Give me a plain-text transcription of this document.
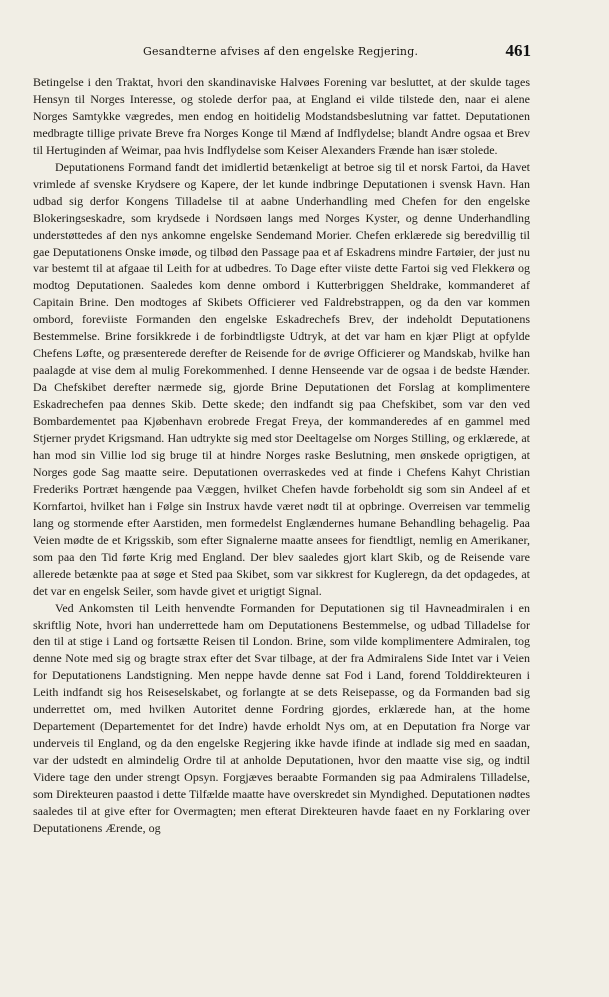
Gesandterne afvises af den engelske Regjering.	461

Betingelse i den Traktat, hvori den skandinaviske Halvøes Forening var besluttet, at der skulde tages Hensyn til Norges Interesse, og stolede derfor paa, at England ei vilde tilstede den, naar ei alene Norges Samtykke vægredes, men endog en hoitidelig Modstandsbeslutning var fattet. Deputationen medbragte tillige private Breve fra Norges Konge til Mænd af Indflydelse; blandt Andre ogsaa et Brev til Hertuginden af Weimar, paa hvis Indflydelse som Keiser Alexanders Frænde han især stolede.

Deputationens Formand fandt det imidlertid betænkeligt at betroe sig til et norsk Fartoi, da Havet vrimlede af svenske Krydsere og Kapere, der let kunde indbringe Deputationen i svensk Havn. Han udbad sig derfor Kongens Tilladelse til at aabne Underhandling med Chefen for den engelske Blokeringseskadre, som krydsede i Nordsøen langs med Norges Kyster, og denne Underhandling understøttedes af den nys ankomne engelske Sendemand Morier. Chefen erklærede sig beredvillig til gae Deputationens Onske imøde, og tilbød den Passage paa et af Eskadrens mindre Fartøier, der just nu var bestemt til at afgaae til Leith for at udbedres. To Dage efter viiste dette Fartoi sig ved Flekkerø og modtog Deputationen. Saaledes kom denne ombord i Kutterbriggen Sheldrake, kommanderet af Capitain Brine. Den modtoges af Skibets Officierer ved Faldrebstrappen, og da den var kommen ombord, foreviiste Formanden den engelske Eskadrechefs Brev, der indeholdt Deputationens Bestemmelse. Brine forsikkrede i de forbindtligste Udtryk, at det var ham en kjær Pligt at opfylde Chefens Løfte, og præsenterede derefter de Reisende for de øvrige Officierer og Mandskab, hvilke han paalagde at vise dem al mulig Forekommenhed. I denne Henseende var de ogsaa i de bedste Hænder. Da Chefskibet derefter nærmede sig, gjorde Brine Deputationen det Forslag at komplimentere Eskadrechefen paa dennes Skib. Dette skede; den indfandt sig paa Chefskibet, som var den ved Bombardementet paa Kjøbenhavn erobrede Fregat Freya, der kommanderedes af en gammel med Stjerner prydet Krigsmand. Han udtrykte sig med stor Deeltagelse om Norges Stilling, og erklærede, at han mod sin Villie lod sig bruge til at hindre Norges raske Beslutning, men ønskede oprigtigen, at Norges gode Sag maatte seire. Deputationen overraskedes ved at finde i Chefens Kahyt Christian Frederiks Portræt hængende paa Væggen, hvilket Chefen havde forbeholdt sig som sin Andeel af et Kornfartoi, hvilket han i Følge sin Instrux havde været nødt til at opbringe. Overreisen var temmelig lang og stormende efter Aarstiden, men formedelst Englændernes humane Behandling behagelig. Paa Veien mødte de et Krigsskib, som efter Signalerne maatte ansees for fiendtligt, nemlig en Amerikaner, som paa den Tid førte Krig med England. Der blev saaledes gjort klart Skib, og de Reisende vare allerede betænkte paa at søge et Sted paa Skibet, som var sikkrest for Kugleregn, da det opdagedes, at det var en engelsk Seiler, som havde givet et urigtigt Signal.

Ved Ankomsten til Leith henvendte Formanden for Deputationen sig til Havneadmiralen i en skriftlig Note, hvori han underrettede ham om Deputationens Bestemmelse, og udbad Tilladelse for den til at stige i Land og fortsætte Reisen til London. Brine, som vilde komplimentere Admiralen, tog denne Note med sig og bragte strax efter det Svar tilbage, at der fra Admiralens Side Intet var i Veien for Deputationens Landstigning. Men neppe havde denne sat Fod i Land, forend Tolddirekteuren i Leith indfandt sig hos Reiseselskabet, og forlangte at se dets Reisepasse, og da Formanden bad sig underrettet om, med hvilken Autoritet denne Fordring gjordes, erklærede han, at the home Departement (Departementet for det Indre) havde erholdt Nys om, at en Deputation fra Norge var underveis til England, og da den engelske Regjering ikke havde ifinde at indlade sig med en saadan, var der udstedt en almindelig Ordre til at anholde Deputationen, hvor den maatte vise sig, og indtil Videre tage den under strengt Opsyn. Forgjæves beraabte Formanden sig paa Admiralens Tilladelse, som Direkteuren paastod i dette Tilfælde maatte have overskredet sin Myndighed. Deputationen nødtes saaledes til at give efter for Overmagten; men efterat Direkteuren havde faaet en ny Forklaring over Deputationens Ærende, og
